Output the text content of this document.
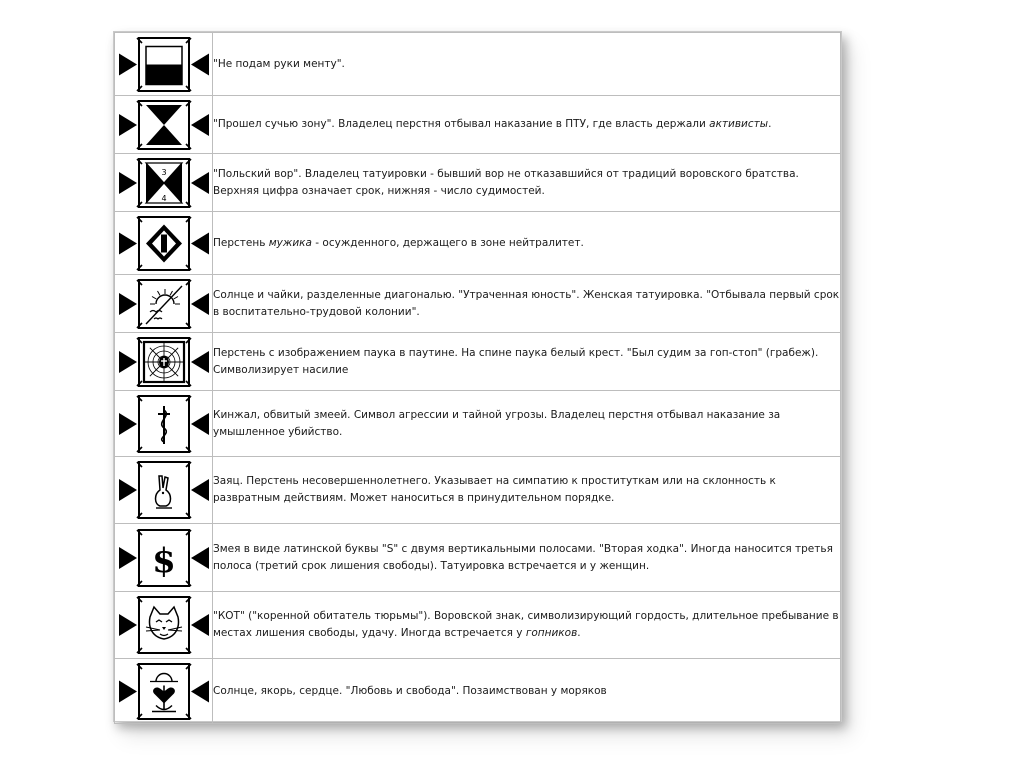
	"Не подам руки менту".

	"Прошел сучью зону". Владелец перстня отбывал наказание в ПТУ, где власть держали активисты.

3
4	"Польский вор". Владелец татуировки - бывший вор не отказавшийся от традиций воровского братства. Верхняя цифра означает срок, нижняя - число судимостей.

	Перстень мужика - осужденного, держащего в зоне нейтралитет.

	Солнце и чайки, разделенные диагональю. "Утраченная юность". Женская татуировка. "Отбывала первый срок в воспитательно-трудовой колонии".

	Перстень с изображением паука в паутине. На спине паука белый крест. "Был судим за гоп-стоп" (грабеж). Символизирует насилие

	Кинжал, обвитый змеей. Символ агрессии и тайной угрозы. Владелец перстня отбывал наказание за умышленное убийство.

	Заяц. Перстень несовершеннолетнего. Указывает на симпатию к проституткам или на склонность к развратным действиям. Может наноситься в принудительном порядке.

$	Змея в виде латинской буквы "S" с двумя вертикальными полосами. "Вторая ходка". Иногда наносится третья полоса (третий срок лишения свободы). Татуировка встречается и у женщин.

	"КОТ" ("коренной обитатель тюрьмы"). Воровской знак, символизирующий гордость, длительное пребывание в местах лишения свободы, удачу. Иногда встречается у гопников.

	Солнце, якорь, сердце. "Любовь и свобода". Позаимствован у моряков
